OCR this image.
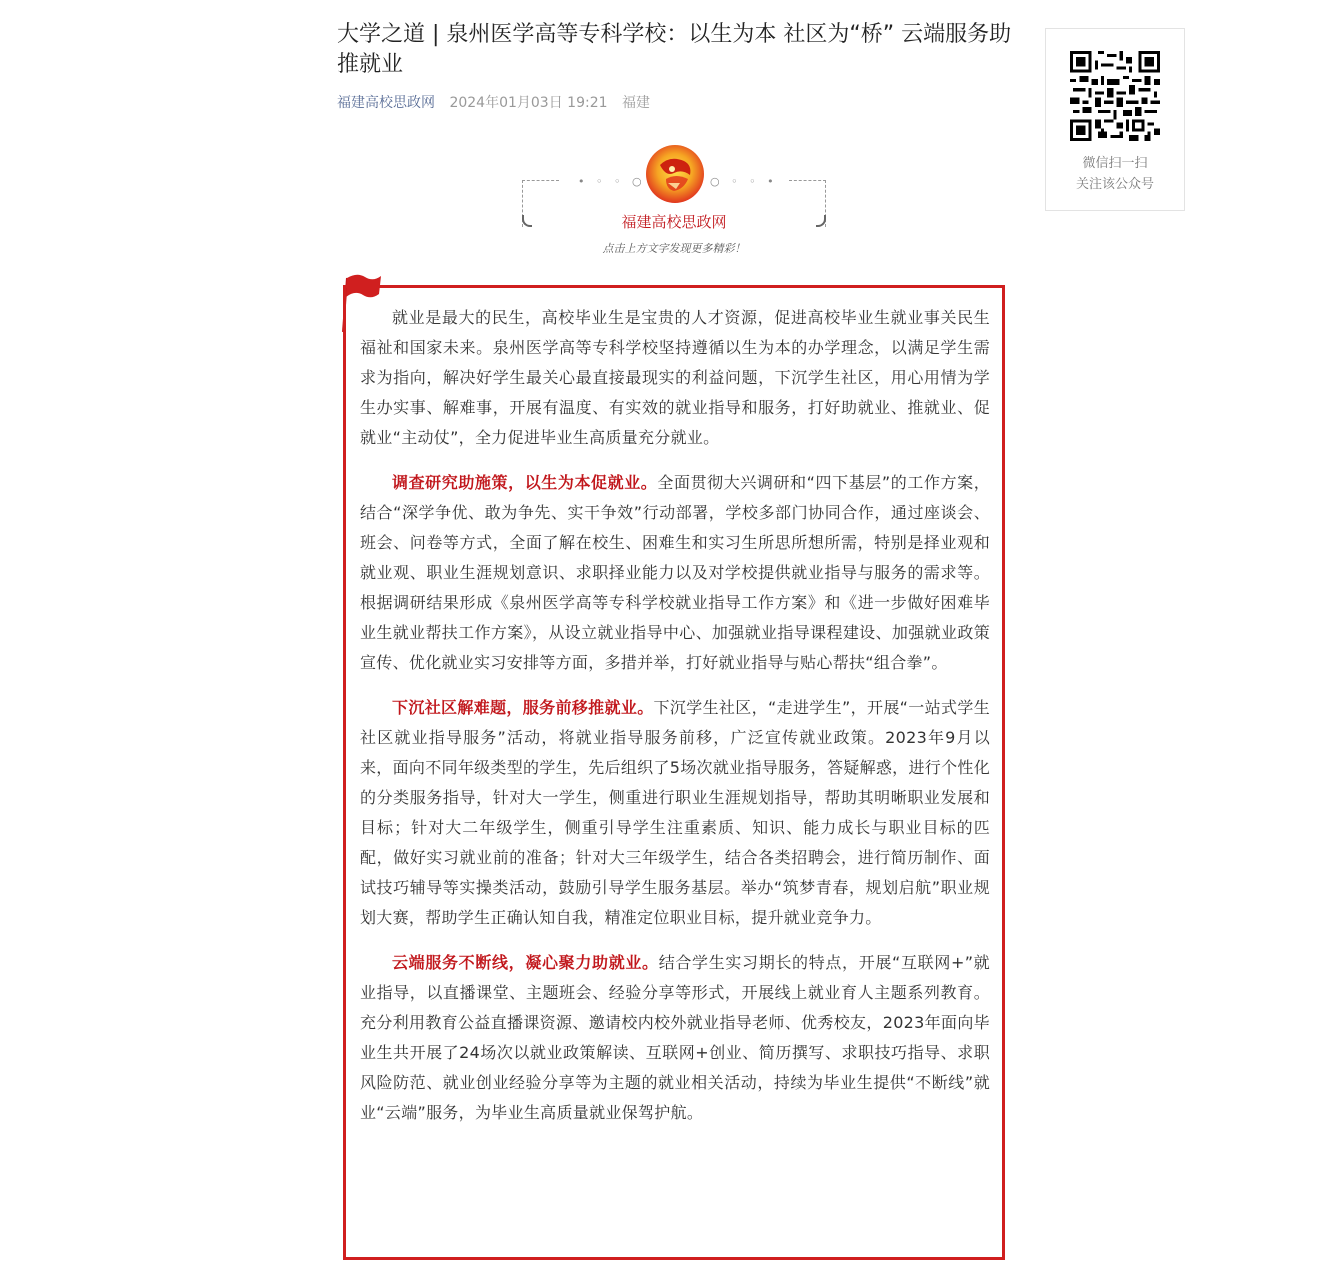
大学之道 | 泉州医学高等专科学校：以生为本 社区为“桥” 云端服务助推就业
福建高校思政网 2024年01月03日 19:21 福建
• ◦ ◦ ○	○ ◦ ◦ •
福建高校思政网
点击上方文字发现更多精彩！
微信扫一扫
关注该公众号

就业是最大的民生，高校毕业生是宝贵的人才资源，促进高校毕业生就业事关民生福祉和国家未来。泉州医学高等专科学校坚持遵循以生为本的办学理念，以满足学生需求为指向，解决好学生最关心最直接最现实的利益问题，下沉学生社区，用心用情为学生办实事、解难事，开展有温度、有实效的就业指导和服务，打好助就业、推就业、促就业“主动仗”，全力促进毕业生高质量充分就业。

调查研究助施策，以生为本促就业。全面贯彻大兴调研和“四下基层”的工作方案，结合“深学争优、敢为争先、实干争效”行动部署，学校多部门协同合作，通过座谈会、班会、问卷等方式，全面了解在校生、困难生和实习生所思所想所需，特别是择业观和就业观、职业生涯规划意识、求职择业能力以及对学校提供就业指导与服务的需求等。根据调研结果形成《泉州医学高等专科学校就业指导工作方案》和《进一步做好困难毕业生就业帮扶工作方案》，从设立就业指导中心、加强就业指导课程建设、加强就业政策宣传、优化就业实习安排等方面，多措并举，打好就业指导与贴心帮扶“组合拳”。

下沉社区解难题，服务前移推就业。下沉学生社区，“走进学生”，开展“一站式学生社区就业指导服务”活动，将就业指导服务前移，广泛宣传就业政策。2023年9月以来，面向不同年级类型的学生，先后组织了5场次就业指导服务，答疑解惑，进行个性化的分类服务指导，针对大一学生，侧重进行职业生涯规划指导，帮助其明晰职业发展和目标；针对大二年级学生，侧重引导学生注重素质、知识、能力成长与职业目标的匹配，做好实习就业前的准备；针对大三年级学生，结合各类招聘会，进行简历制作、面试技巧辅导等实操类活动，鼓励引导学生服务基层。举办“筑梦青春，规划启航”职业规划大赛，帮助学生正确认知自我，精准定位职业目标，提升就业竞争力。

云端服务不断线，凝心聚力助就业。结合学生实习期长的特点，开展“互联网+”就业指导，以直播课堂、主题班会、经验分享等形式，开展线上就业育人主题系列教育。充分利用教育公益直播课资源、邀请校内校外就业指导老师、优秀校友，2023年面向毕业生共开展了24场次以就业政策解读、互联网+创业、简历撰写、求职技巧指导、求职风险防范、就业创业经验分享等为主题的就业相关活动，持续为毕业生提供“不断线”就业“云端”服务，为毕业生高质量就业保驾护航。
